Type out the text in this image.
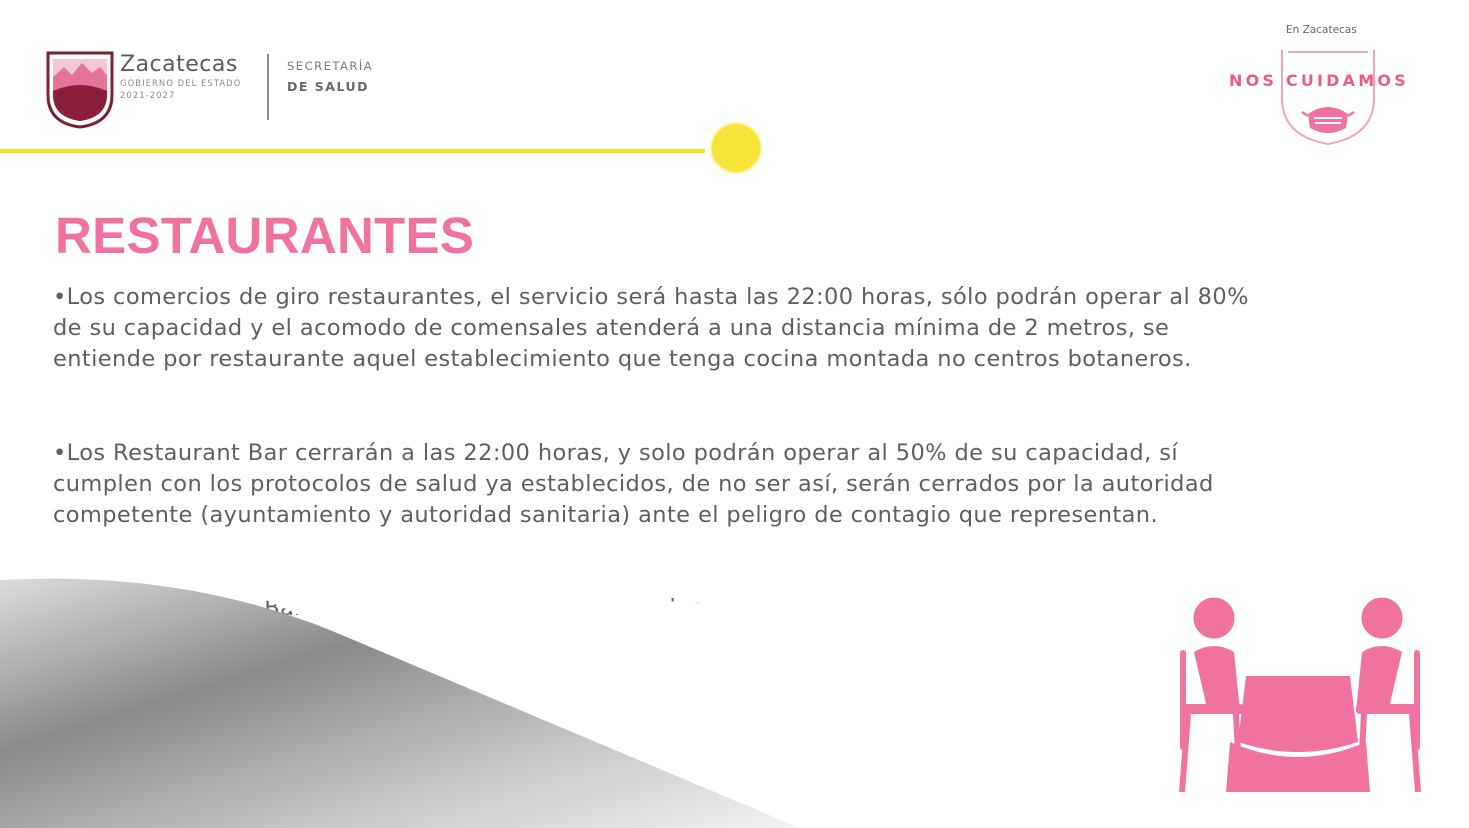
Zacatecas
GOBIERNO DEL ESTADO
2021-2027
SECRETARÍA
DE SALUD
En Zacatecas
NOS CUIDAMOS
RESTAURANTES
•Los comercios de giro restaurantes, el servicio será hasta las 22:00 horas, sólo podrán operar al 80% de su capacidad y el acomodo de comensales atenderá a una distancia mínima de 2 metros, se entiende por restaurante aquel establecimiento que tenga cocina montada no centros botaneros.
•Los Restaurant Bar cerrarán a las 22:00 horas, y solo podrán operar al 50% de su capacidad, sí cumplen con los protocolos de salud ya establecidos, de no ser así, serán cerrados por la autoridad competente (ayuntamiento y autoridad sanitaria) ante el peligro de contagio que representan.
